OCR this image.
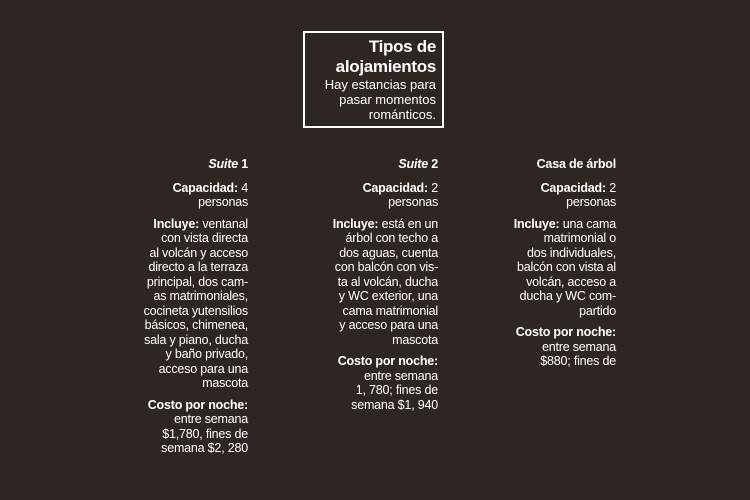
Tipos de
alojamientos
Hay estancias para
pasar momentos
románticos.
Suite 1
Capacidad: 4
personas
Incluye: ventanal
con vista directa
al volcán y acceso
directo a la terraza
principal, dos cam-
as matrimoniales,
cocineta yutensilios
básicos, chimenea,
sala y piano, ducha
y baño privado,
acceso para una
mascota
Costo por noche:
entre semana
$1,780, fines de
semana $2, 280
Suite 2
Capacidad: 2
personas
Incluye: está en un
árbol con techo a
dos aguas, cuenta
con balcón con vis-
ta al volcán, ducha
y WC exterior, una
cama matrimonial
y acceso para una
mascota
Costo por noche:
entre semana
1, 780; fines de
semana $1, 940
Casa de árbol
Capacidad: 2
personas
Incluye: una cama
matrimonial o
dos individuales,
balcón con vista al
volcán, acceso a
ducha y WC com-
partido
Costo por noche:
entre semana
$880; fines de
